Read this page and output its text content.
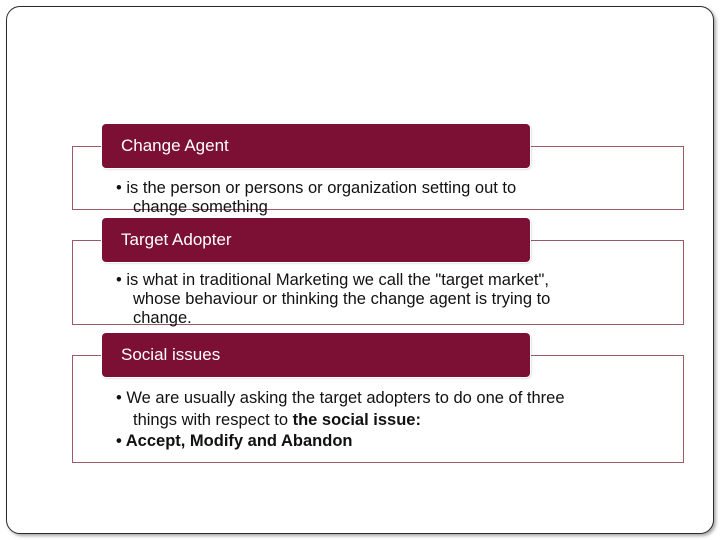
Change Agent
• is the person or persons or organization setting out to
change something
Target Adopter
• is what in traditional Marketing we call the "target market",
whose behaviour or thinking the change agent is trying to
change.
Social issues
• We are usually asking the target adopters to do one of three
things with respect to the social issue:
• Accept, Modify and Abandon
